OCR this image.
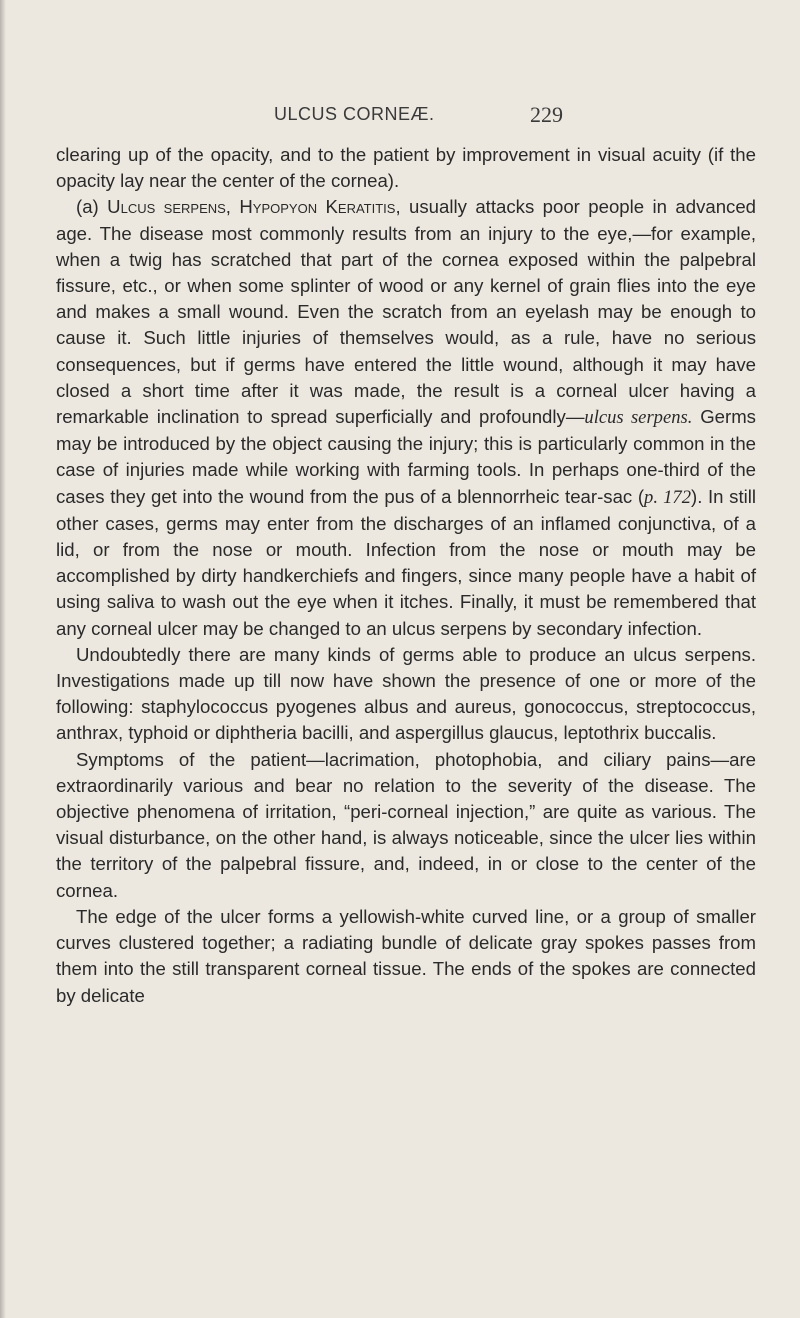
ULCUS CORNEÆ.	229

clearing up of the opacity, and to the patient by improvement in visual acuity (if the opacity lay near the center of the cornea).

(a) Ulcus serpens, Hypopyon Keratitis, usually attacks poor people in advanced age. The disease most commonly results from an injury to the eye,—for example, when a twig has scratched that part of the cornea exposed within the palpebral fissure, etc., or when some splinter of wood or any kernel of grain flies into the eye and makes a small wound. Even the scratch from an eyelash may be enough to cause it. Such little injuries of themselves would, as a rule, have no serious consequences, but if germs have entered the little wound, although it may have closed a short time after it was made, the result is a corneal ulcer having a remarkable inclination to spread superficially and profoundly—ulcus serpens. Germs may be introduced by the object causing the injury; this is particularly common in the case of injuries made while working with farming tools. In perhaps one-third of the cases they get into the wound from the pus of a blennorrheic tear-sac (p. 172). In still other cases, germs may enter from the discharges of an inflamed conjunctiva, of a lid, or from the nose or mouth. Infection from the nose or mouth may be accomplished by dirty handkerchiefs and fingers, since many people have a habit of using saliva to wash out the eye when it itches. Finally, it must be remembered that any corneal ulcer may be changed to an ulcus serpens by secondary infection.

Undoubtedly there are many kinds of germs able to produce an ulcus serpens. Investigations made up till now have shown the presence of one or more of the following: staphylococcus pyogenes albus and aureus, gonococcus, streptococcus, anthrax, typhoid or diphtheria bacilli, and aspergillus glaucus, leptothrix buccalis.

Symptoms of the patient—lacrimation, photophobia, and ciliary pains—are extraordinarily various and bear no relation to the severity of the disease. The objective phenomena of irritation, “peri-corneal injection,” are quite as various. The visual disturbance, on the other hand, is always noticeable, since the ulcer lies within the territory of the palpebral fissure, and, indeed, in or close to the center of the cornea.

The edge of the ulcer forms a yellowish-white curved line, or a group of smaller curves clustered together; a radiating bundle of delicate gray spokes passes from them into the still transparent corneal tissue. The ends of the spokes are connected by delicate
